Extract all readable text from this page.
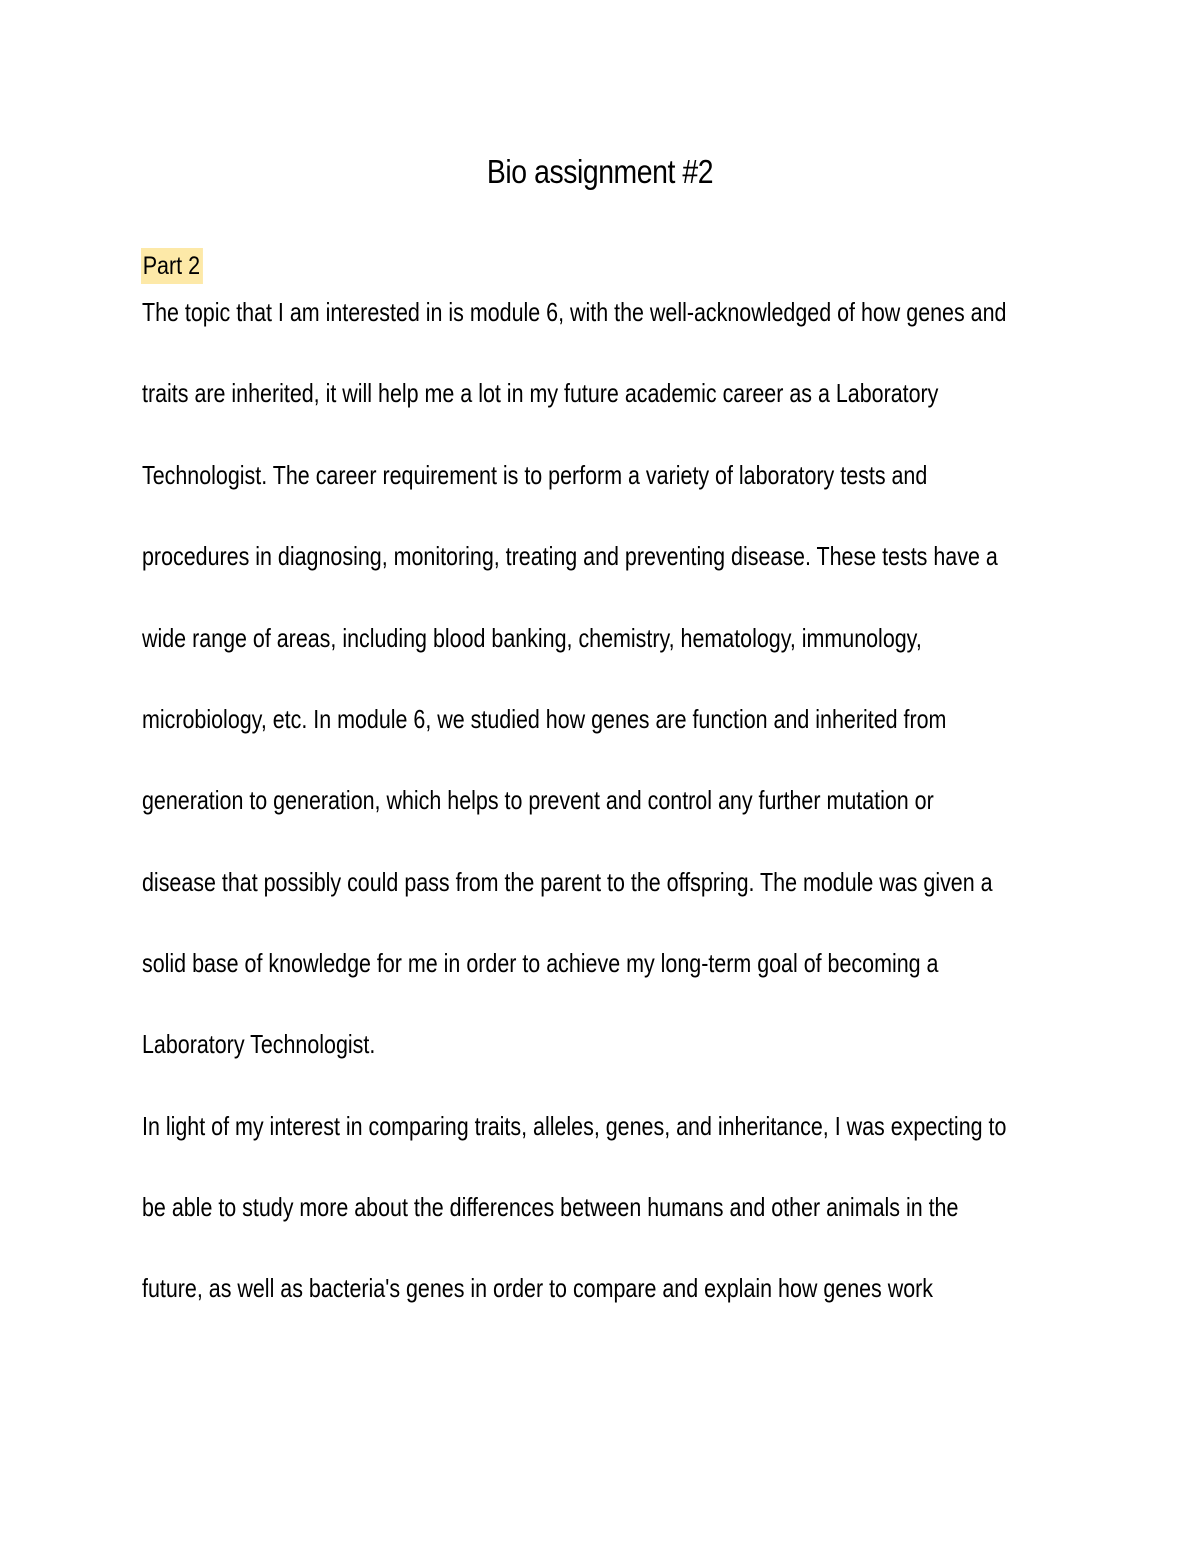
Bio assignment #2
Part 2
The topic that I am interested in is module 6, with the well-acknowledged of how genes and
traits are inherited, it will help me a lot in my future academic career as a Laboratory
Technologist. The career requirement is to perform a variety of laboratory tests and
procedures in diagnosing, monitoring, treating and preventing disease. These tests have a
wide range of areas, including blood banking, chemistry, hematology, immunology,
microbiology, etc. In module 6, we studied how genes are function and inherited from
generation to generation, which helps to prevent and control any further mutation or
disease that possibly could pass from the parent to the offspring. The module was given a
solid base of knowledge for me in order to achieve my long-term goal of becoming a
Laboratory Technologist.
In light of my interest in comparing traits, alleles, genes, and inheritance, I was expecting to
be able to study more about the differences between humans and other animals in the
future, as well as bacteria's genes in order to compare and explain how genes work
